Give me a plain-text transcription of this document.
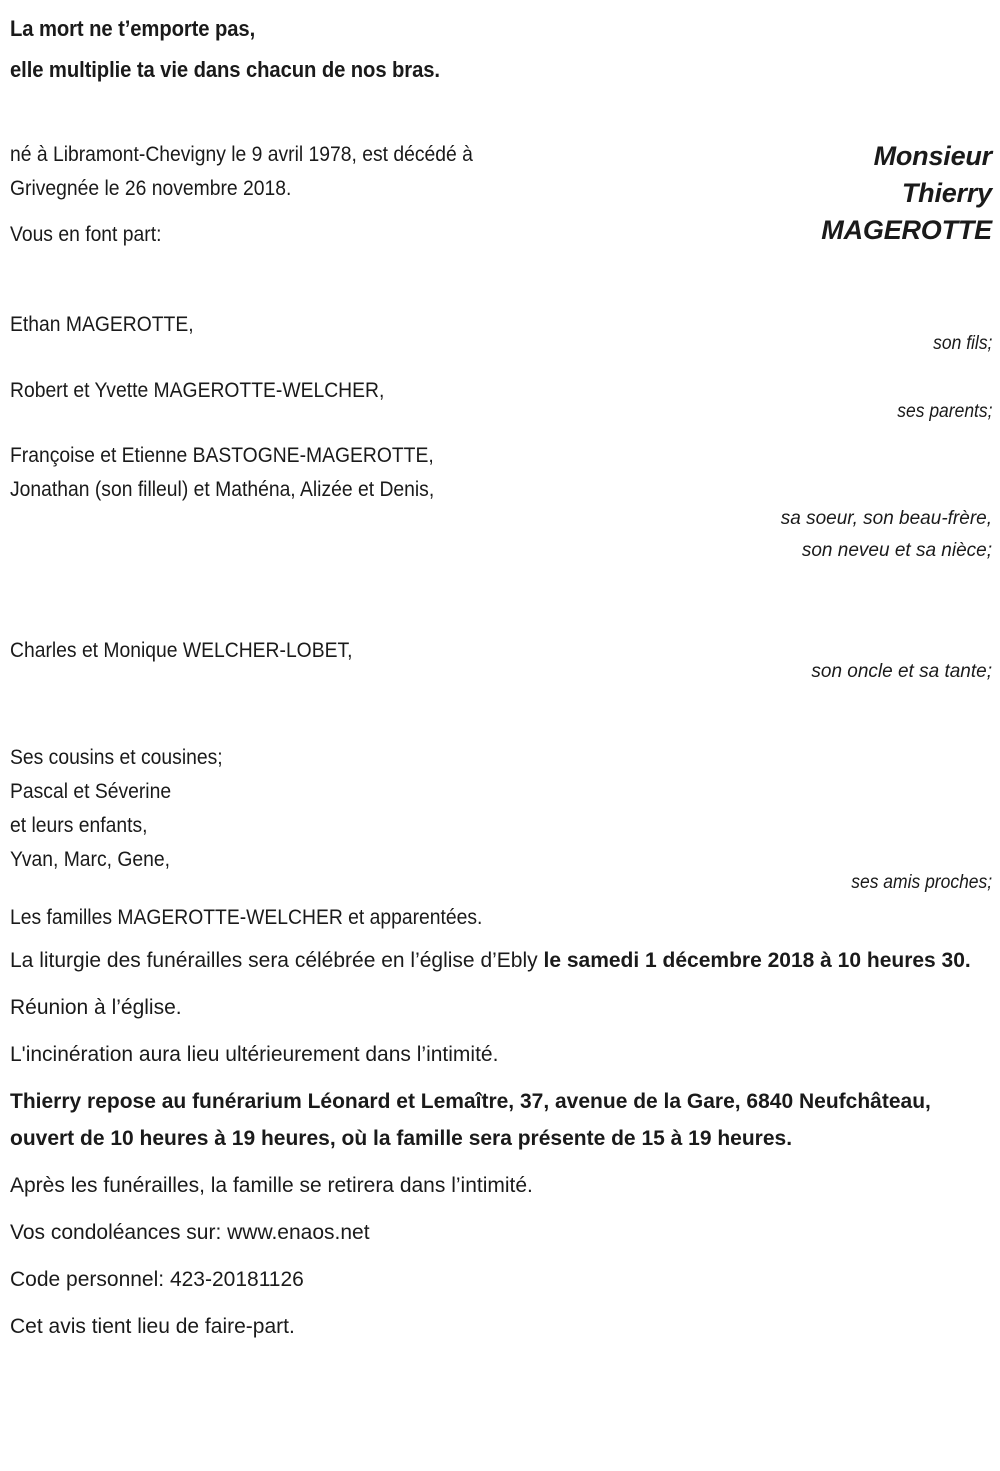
La mort ne t’emporte pas,
elle multiplie ta vie dans chacun de nos bras.
né à Libramont-Chevigny le 9 avril 1978, est décédé à
Grivegnée le 26 novembre 2018.
Vous en font part:
Monsieur
Thierry
MAGEROTTE
Ethan MAGEROTTE,
son fils;
Robert et Yvette MAGEROTTE-WELCHER,
ses parents;
Françoise et Etienne BASTOGNE-MAGEROTTE,
Jonathan (son filleul) et Mathéna, Alizée et Denis,
sa soeur, son beau-frère, son neveu et sa nièce;
Charles et Monique WELCHER-LOBET,
son oncle et sa tante;
Ses cousins et cousines;
Pascal et Séverine
et leurs enfants,
Yvan, Marc, Gene,
ses amis proches;
Les familles MAGEROTTE-WELCHER et apparentées.

La liturgie des funérailles sera célébrée en l’église d’Ebly le samedi 1 décembre 2018 à 10 heures 30.

Réunion à l’église.

L'incinération aura lieu ultérieurement dans l’intimité.

Thierry repose au funérarium Léonard et Lemaître, 37, avenue de la Gare, 6840 Neufchâteau, ouvert de 10 heures à 19 heures, où la famille sera présente de 15 à 19 heures.

Après les funérailles, la famille se retirera dans l’intimité.

Vos condoléances sur: www.enaos.net

Code personnel: 423-20181126

Cet avis tient lieu de faire-part.
